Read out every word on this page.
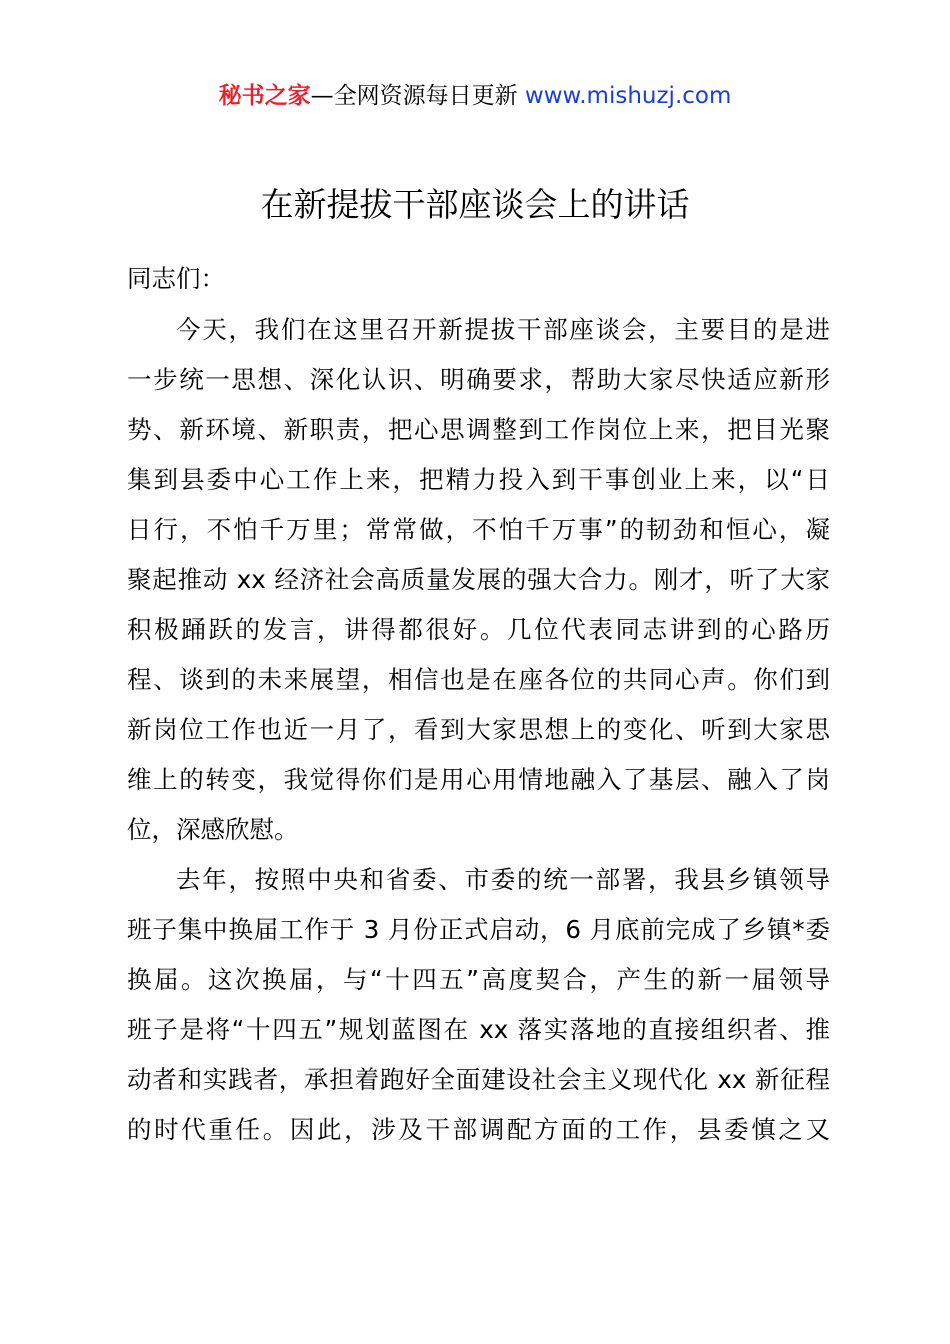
秘书之家—全网资源每日更新 www.mishuzj.com
在新提拔干部座谈会上的讲话
同志们：
今天，我们在这里召开新提拔干部座谈会，主要目的是进
一步统一思想、深化认识、明确要求，帮助大家尽快适应新形
势、新环境、新职责，把心思调整到工作岗位上来，把目光聚
集到县委中心工作上来，把精力投入到干事创业上来，以“日
日行，不怕千万里；常常做，不怕千万事”的韧劲和恒心，凝
聚起推动 xx 经济社会高质量发展的强大合力。刚才，听了大家
积极踊跃的发言，讲得都很好。几位代表同志讲到的心路历
程、谈到的未来展望，相信也是在座各位的共同心声。你们到
新岗位工作也近一月了，看到大家思想上的变化、听到大家思
维上的转变，我觉得你们是用心用情地融入了基层、融入了岗
位，深感欣慰。
去年，按照中央和省委、市委的统一部署，我县乡镇领导
班子集中换届工作于 3 月份正式启动，6 月底前完成了乡镇*委
换届。这次换届，与“十四五”高度契合，产生的新一届领导
班子是将“十四五”规划蓝图在 xx 落实落地的直接组织者、推
动者和实践者，承担着跑好全面建设社会主义现代化 xx 新征程
的时代重任。因此，涉及干部调配方面的工作，县委慎之又
